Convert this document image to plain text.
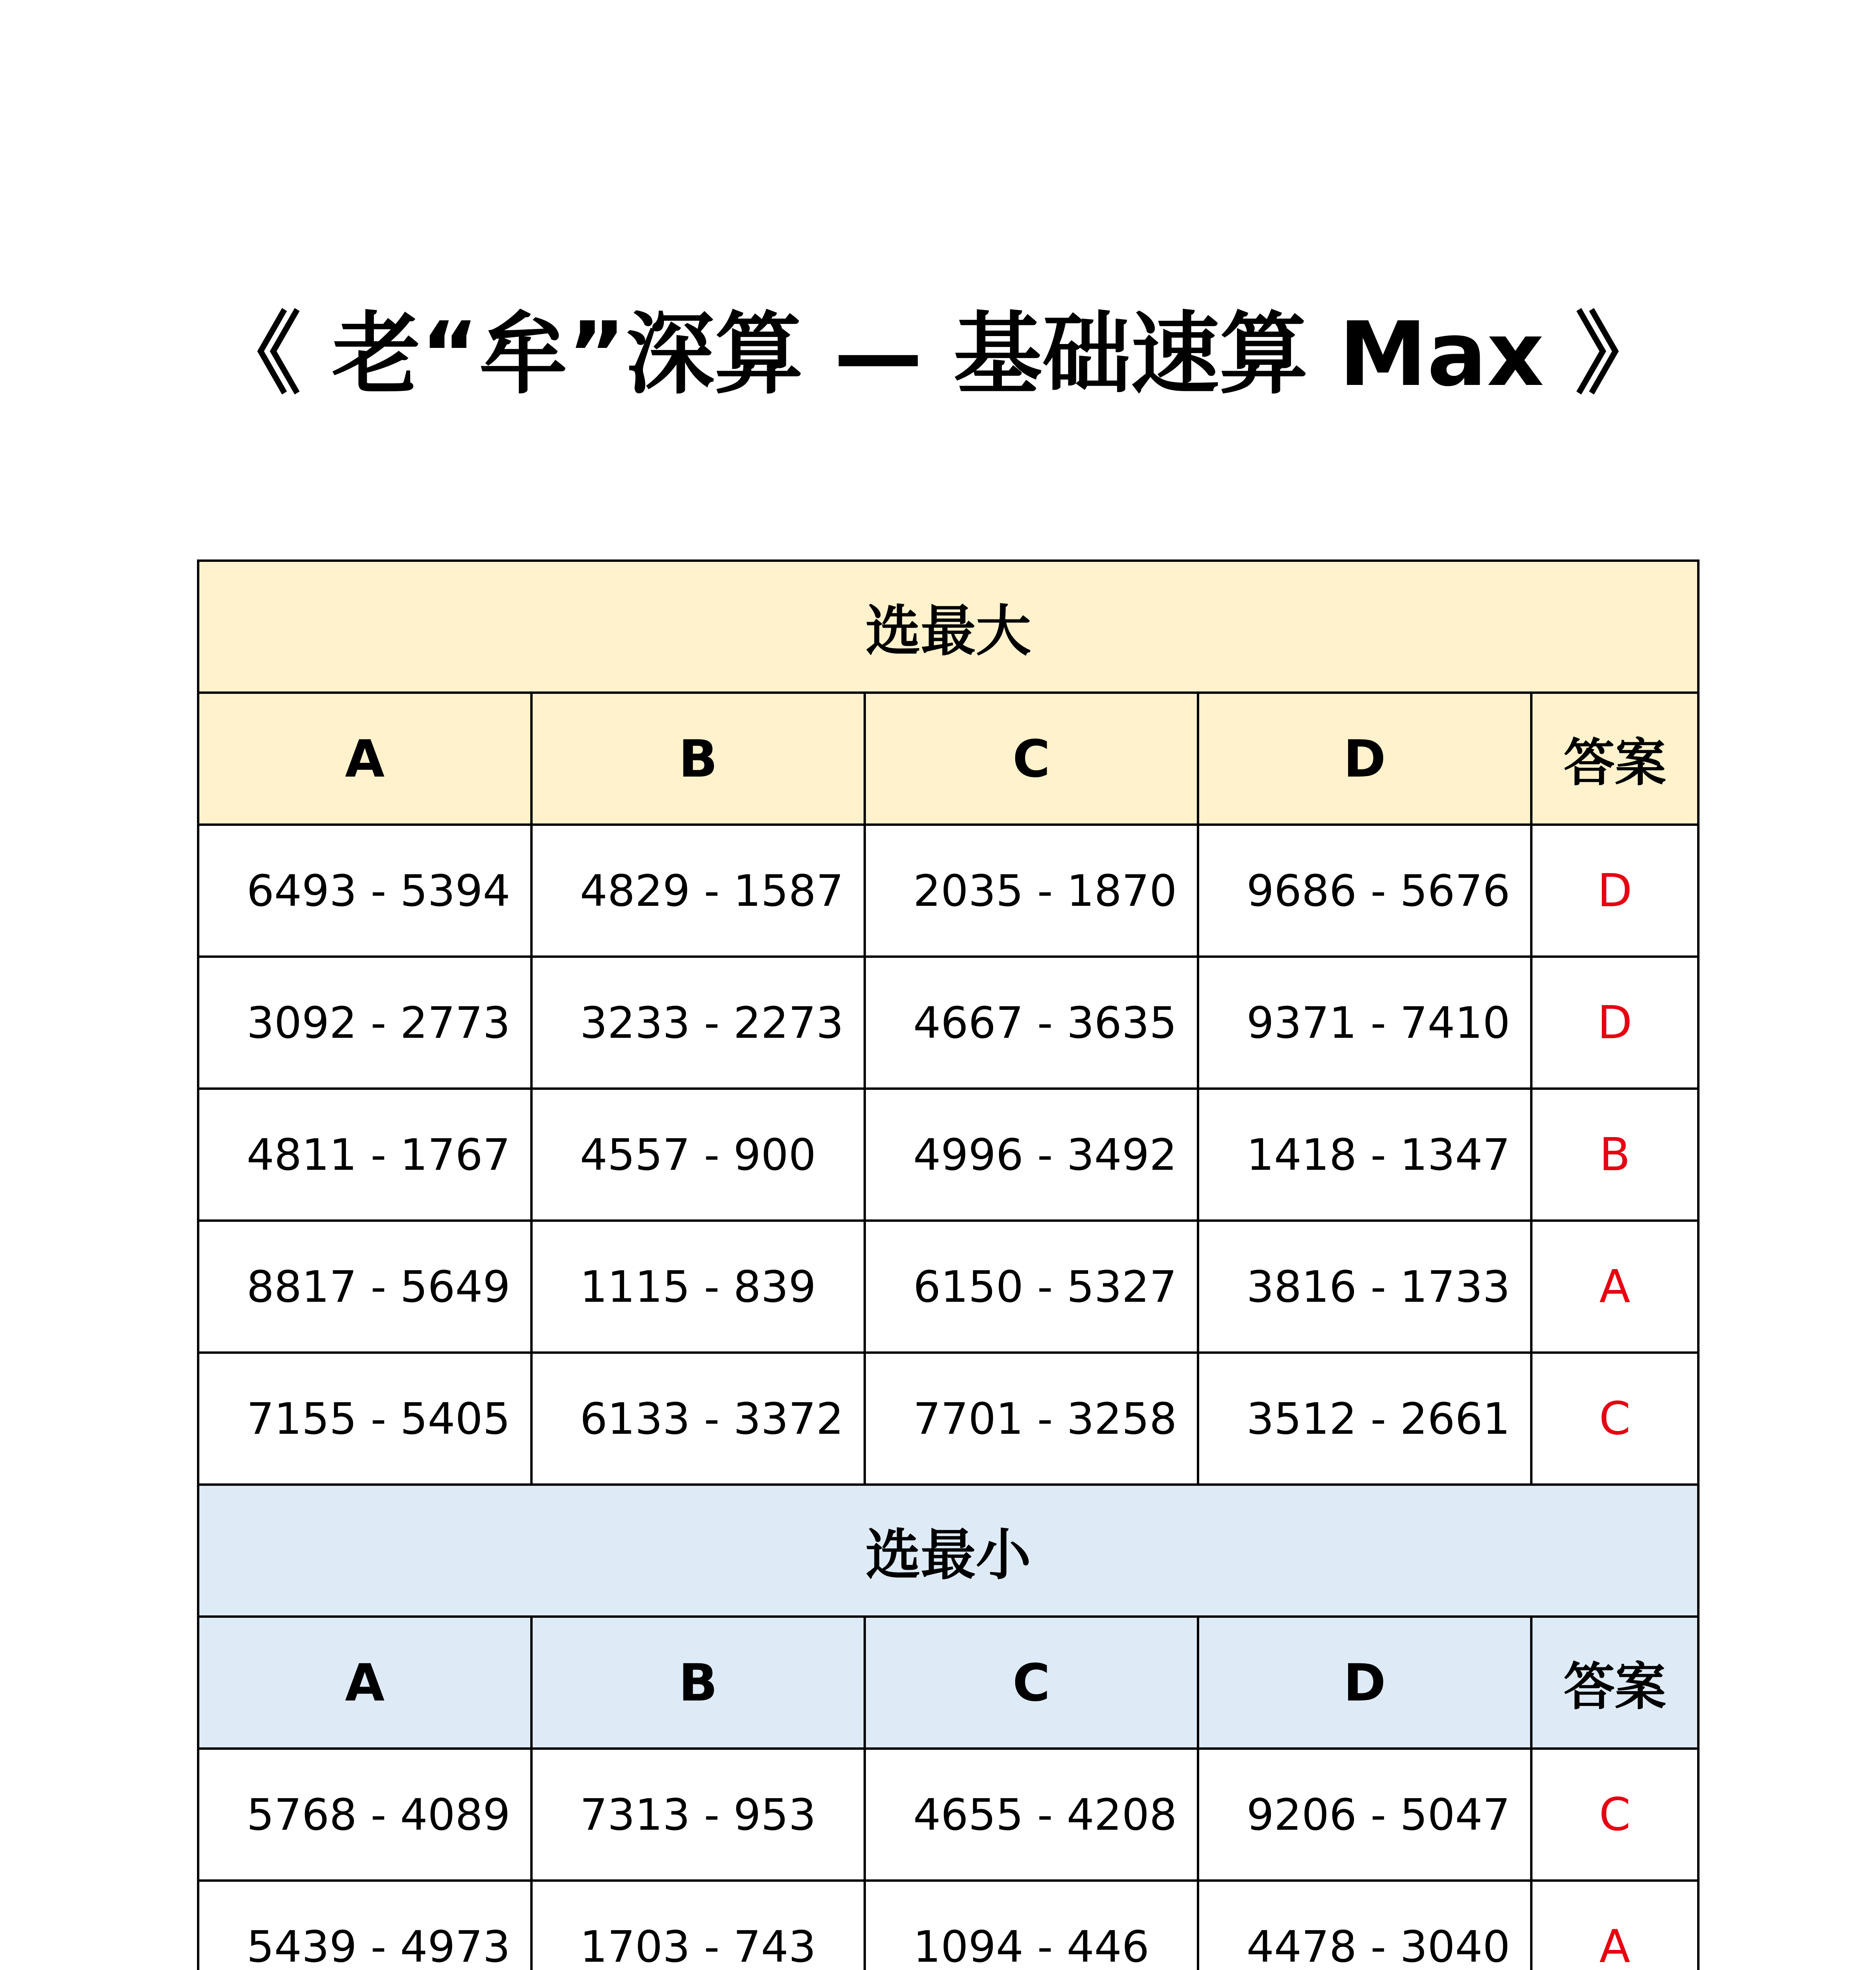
《 老“牟”深算 — 基础速算 Max 》
选最大				
A	B	C	D	答案
6493 - 5394	4829 - 1587	2035 - 1870	9686 - 5676	D
3092 - 2773	3233 - 2273	4667 - 3635	9371 - 7410	D
4811 - 1767	4557 - 900	4996 - 3492	1418 - 1347	B
8817 - 5649	1115 - 839	6150 - 5327	3816 - 1733	A
7155 - 5405	6133 - 3372	7701 - 3258	3512 - 2661	C
选最小				
A	B	C	D	答案
5768 - 4089	7313 - 953	4655 - 4208	9206 - 5047	C
5439 - 4973	1703 - 743	1094 - 446	4478 - 3040	A
